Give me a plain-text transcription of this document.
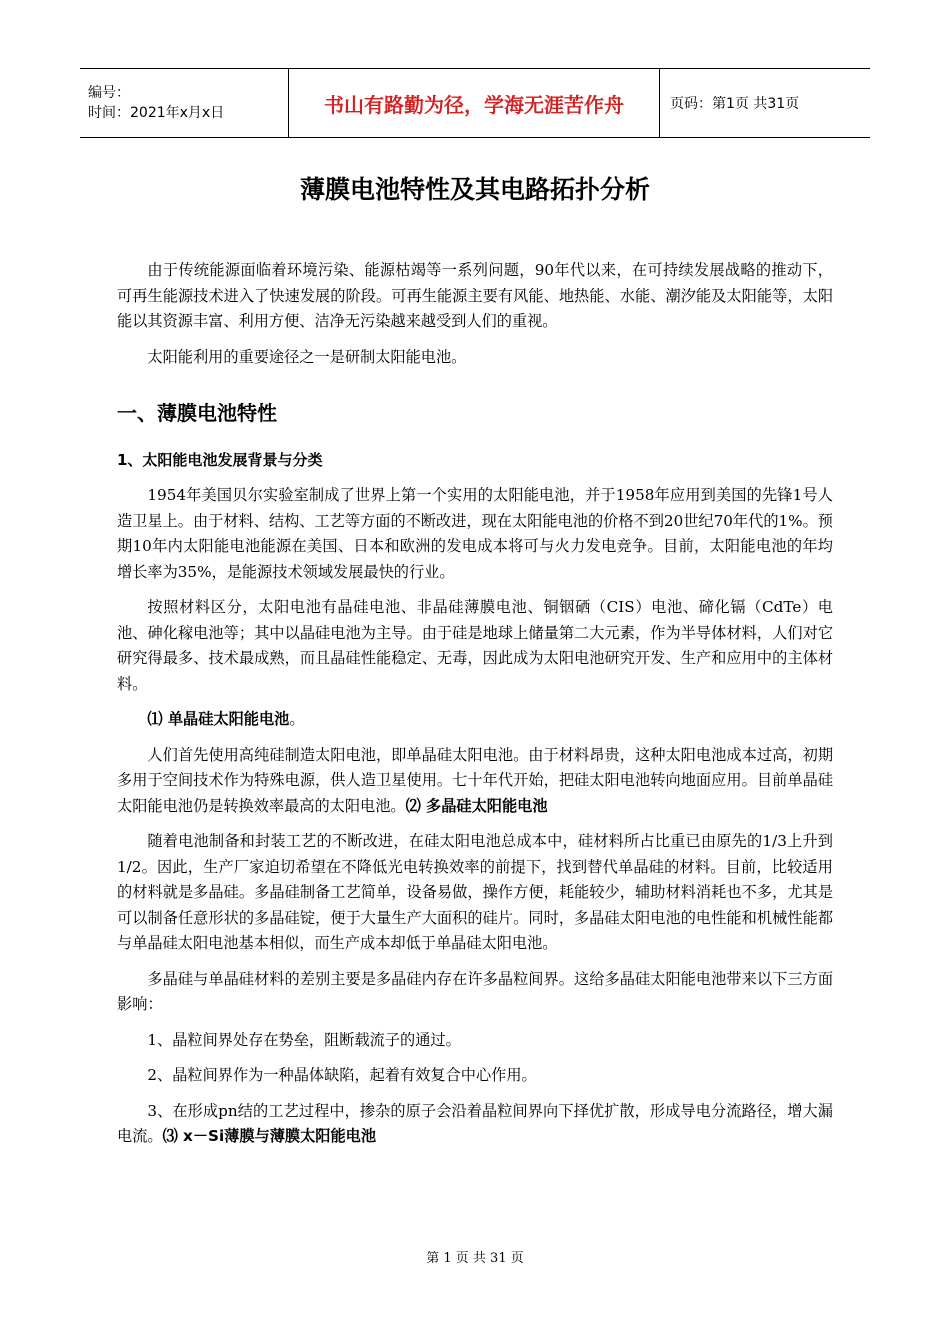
编号：
时间：2021年x月x日	书山有路勤为径，学海无涯苦作舟	页码：第1页 共31页
薄膜电池特性及其电路拓扑分析

由于传统能源面临着环境污染、能源枯竭等一系列问题，90年代以来，在可持续发展战略的推动下，可再生能源技术进入了快速发展的阶段。可再生能源主要有风能、地热能、水能、潮汐能及太阳能等，太阳能以其资源丰富、利用方便、洁净无污染越来越受到人们的重视。

太阳能利用的重要途径之一是研制太阳能电池。

一、薄膜电池特性
1、太阳能电池发展背景与分类

1954年美国贝尔实验室制成了世界上第一个实用的太阳能电池，并于1958年应用到美国的先锋1号人造卫星上。由于材料、结构、工艺等方面的不断改进，现在太阳能电池的价格不到20世纪70年代的1%。预期10年内太阳能电池能源在美国、日本和欧洲的发电成本将可与火力发电竞争。目前，太阳能电池的年均增长率为35%，是能源技术领域发展最快的行业。

按照材料区分，太阳电池有晶硅电池、非晶硅薄膜电池、铜铟硒（CIS）电池、碲化镉（CdTe）电池、砷化稼电池等；其中以晶硅电池为主导。由于硅是地球上储量第二大元素，作为半导体材料，人们对它研究得最多、技术最成熟，而且晶硅性能稳定、无毒，因此成为太阳电池研究开发、生产和应用中的主体材料。

⑴ 单晶硅太阳能电池。

人们首先使用高纯硅制造太阳电池，即单晶硅太阳电池。由于材料昂贵，这种太阳电池成本过高，初期多用于空间技术作为特殊电源，供人造卫星使用。七十年代开始，把硅太阳电池转向地面应用。目前单晶硅太阳能电池仍是转换效率最高的太阳电池。⑵ 多晶硅太阳能电池

随着电池制备和封装工艺的不断改进，在硅太阳电池总成本中，硅材料所占比重已由原先的1/3上升到1/2。因此，生产厂家迫切希望在不降低光电转换效率的前提下，找到替代单晶硅的材料。目前，比较适用的材料就是多晶硅。多晶硅制备工艺简单，设备易做，操作方便，耗能较少，辅助材料消耗也不多，尤其是可以制备任意形状的多晶硅锭，便于大量生产大面积的硅片。同时，多晶硅太阳电池的电性能和机械性能都与单晶硅太阳电池基本相似，而生产成本却低于单晶硅太阳电池。

多晶硅与单晶硅材料的差别主要是多晶硅内存在许多晶粒间界。这给多晶硅太阳能电池带来以下三方面影响：

1、晶粒间界处存在势垒，阻断载流子的通过。

2、晶粒间界作为一种晶体缺陷，起着有效复合中心作用。

3、在形成pn结的工艺过程中，掺杂的原子会沿着晶粒间界向下择优扩散，形成导电分流路径，增大漏电流。⑶ x－Si薄膜与薄膜太阳能电池

第 1 页 共 31 页
